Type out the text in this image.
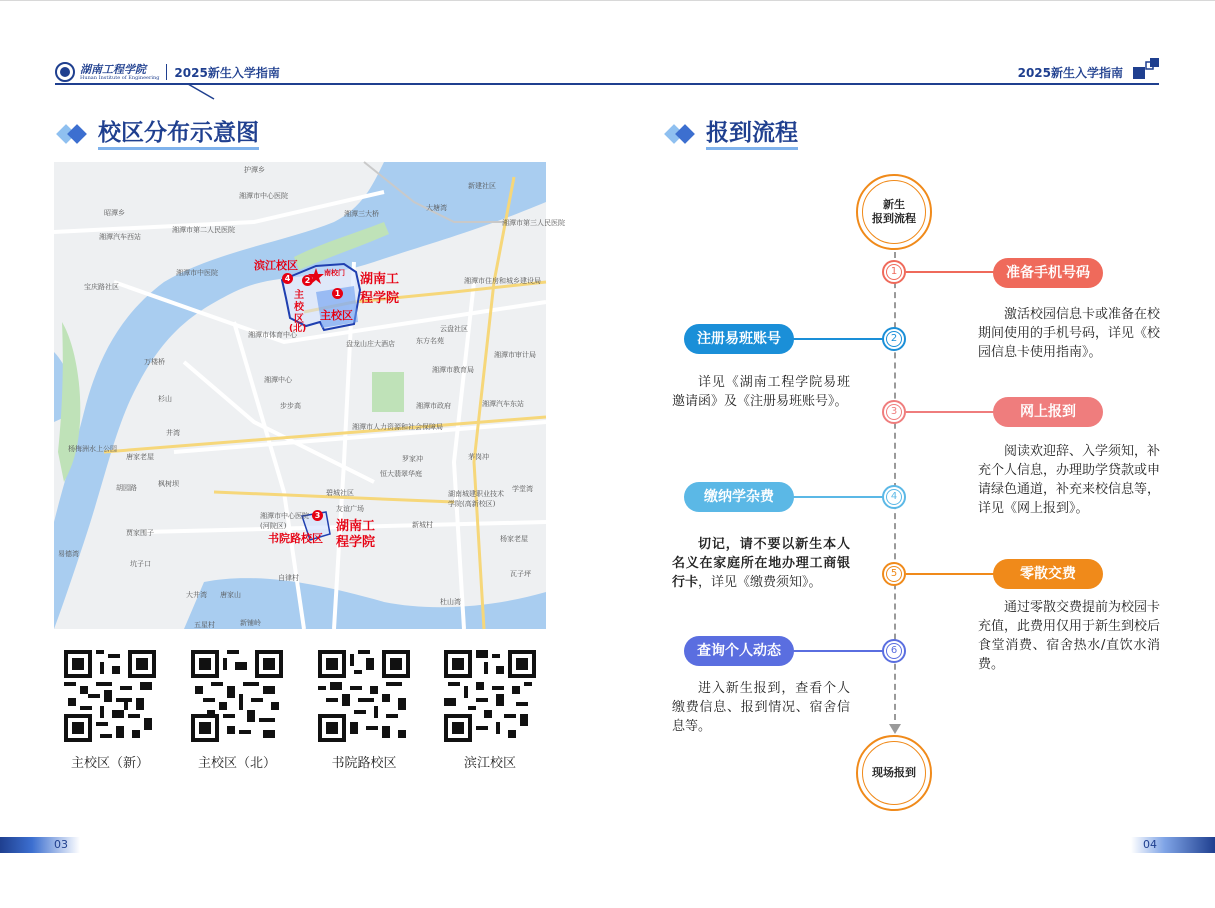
湖南工程学院
Hunan Institute of Engineering 2025新生入学指南	2025新生入学指南
校区分布示意图
护潭乡
湘潭市中心医院
湘潭三大桥
大塘湾
新建社区
昭潭乡
湘潭市第二人民医院
湘潭汽车西站
湘潭市第三人民医院
湘潭市中医院
湘潭市住房和城乡建设局
宝庆路社区
湘潭市体育中心
盘龙山庄大酒店	东方名苑
云盘社区
湘潭市审计局
万楼桥
湘潭中心
湘潭市教育局
步步高	湘潭市政府	湘潭汽车东站
井湾
湘潭市人力资源和社会保障局
杉山
杨梅洲水上公园
唐家老屋	罗家冲	茅岗冲
恒大翡翠华庭
胡园路	枫树坝
碧城社区	湖南城建职业技术学院(高新校区)
学堂湾
湘潭市中心医院(河院区)
友谊广场
新城村
杨家老屋
贾家围子
坑子口
瓦子坪
易德湾
自律村
大井湾 唐家山
杜山湾
五星村	新铺岭
滨江校区
南校门
主
校
区
(北)
主校区
湖南工
程学院
书院路校区
湖南工
程学院
1
2
3
4
主校区（新）	主校区（北）	书院路校区	滨江校区
报到流程
新生
报到流程
现场报到
1	准备手机号码
激活校园信息卡或准备在校期间使用的手机号码，详见《校园信息卡使用指南》。
2
注册易班账号
详见《湖南工程学院易班邀请函》及《注册易班账号》。
3	网上报到
阅读欢迎辞、入学须知，补充个人信息，办理助学贷款或申请绿色通道，补充来校信息等，详见《网上报到》。
4
缴纳学杂费
切记，请不要以新生本人名义在家庭所在地办理工商银行卡，详见《缴费须知》。
5	零散交费
通过零散交费提前为校园卡充值，此费用仅用于新生到校后食堂消费、宿舍热水/直饮水消费。
6
查询个人动态
进入新生报到，查看个人缴费信息、报到情况、宿舍信息等。
03	04
